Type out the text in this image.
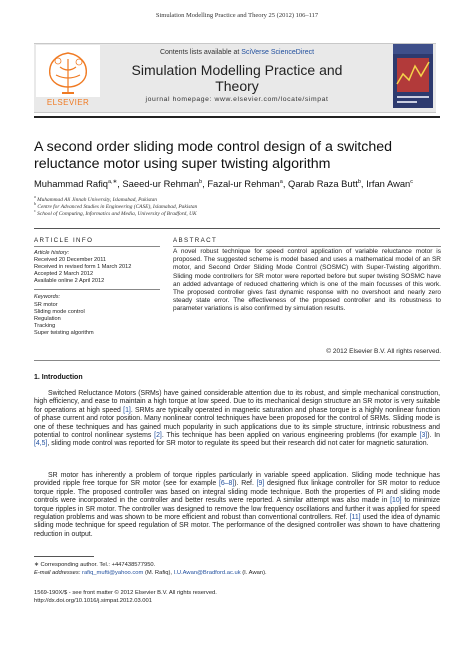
Simulation Modelling Practice and Theory 25 (2012) 106–117
ELSEVIER
Contents lists available at SciVerse ScienceDirect
Simulation Modelling Practice and Theory
journal homepage: www.elsevier.com/locate/simpat
A second order sliding mode control design of a switched reluctance motor using super twisting algorithm
Muhammad Rafiq$^{a,∗}$, Saeed-ur Rehman$^b$, Fazal-ur Rehman$^a$, Qarab Raza Butt$^b$, Irfan Awan$^c$
$^a$ Muhammad Ali Jinnah University, Islamabad, Pakistan
$^b$ Centre for Advanced Studies in Engineering (CASE), Islamabad, Pakistan
$^c$ School of Computing, Informatics and Media, University of Bradford, UK
ARTICLE INFO
Article history:
Received 20 December 2011
Received in revised form 1 March 2012
Accepted 2 March 2012
Available online 2 April 2012
Keywords:
SR motor
Sliding mode control
Regulation
Tracking
Super twisting algorithm
ABSTRACT
A novel robust technique for speed control application of variable reluctance motor is proposed. The suggested scheme is model based and uses a mathematical model of an SR motor, and Second Order Sliding Mode Control (SOSMC) with Super-Twisting algorithm. Sliding mode controllers for SR motor were reported before but super twisting SOSMC have an added advantage of reduced chattering which is one of the main focusses of this work. The proposed controller gives fast dynamic response with no overshoot and nearly zero steady state error. The effectiveness of the proposed controller and its robustness to parameter variations is also confirmed by simulation results.
© 2012 Elsevier B.V. All rights reserved.
1. Introduction
Switched Reluctance Motors (SRMs) have gained considerable attention due to its robust, and simple mechanical construction, high efficiency, and ease to maintain a high torque at low speed. Due to its mechanical design structure an SR motor is very suitable for operations at high speed [1]. SRMs are typically operated in magnetic saturation and phase torque is a highly nonlinear function of phase current and rotor position. Many nonlinear control techniques have been proposed for the control of SRMs. Sliding mode is one of these techniques and has gained much popularity in such applications due to its simple structure, intrinsic robustness and potential to control nonlinear systems [2]. This technique has been applied on various engineering problems (for example [3]). In [4,5], sliding mode control was reported for SR motor to regulate its speed but their research did not cater for magnetic saturation.
SR motor has inherently a problem of torque ripples particularly in variable speed application. Sliding mode technique has provided ripple free torque for SR motor (see for example [6–8]). Ref. [9] designed flux linkage controller for SR motor to reduce torque ripple. The proposed controller was based on integral sliding mode technique. Both the properties of PI and sliding mode controls were incorporated in the controller and better results were reported. A similar attempt was also made in [10] to minimize torque ripples in SR motor. The controller was designed to remove the low frequency oscillations and further it was applied for speed regulation problems and was shown to be more efficient and robust than conventional controllers. Ref. [11] used the idea of dynamic sliding mode technique for speed regulation of SR motor. The performance of the designed controller was shown to have chattering reduction in output.
∗ Corresponding author. Tel.: +447438577950.
E-mail addresses: rafiq_mufti@yahoo.com (M. Rafiq), I.U.Awan@Bradford.ac.uk (I. Awan).
1569-190X/$ - see front matter © 2012 Elsevier B.V. All rights reserved.
http://dx.doi.org/10.1016/j.simpat.2012.03.001
